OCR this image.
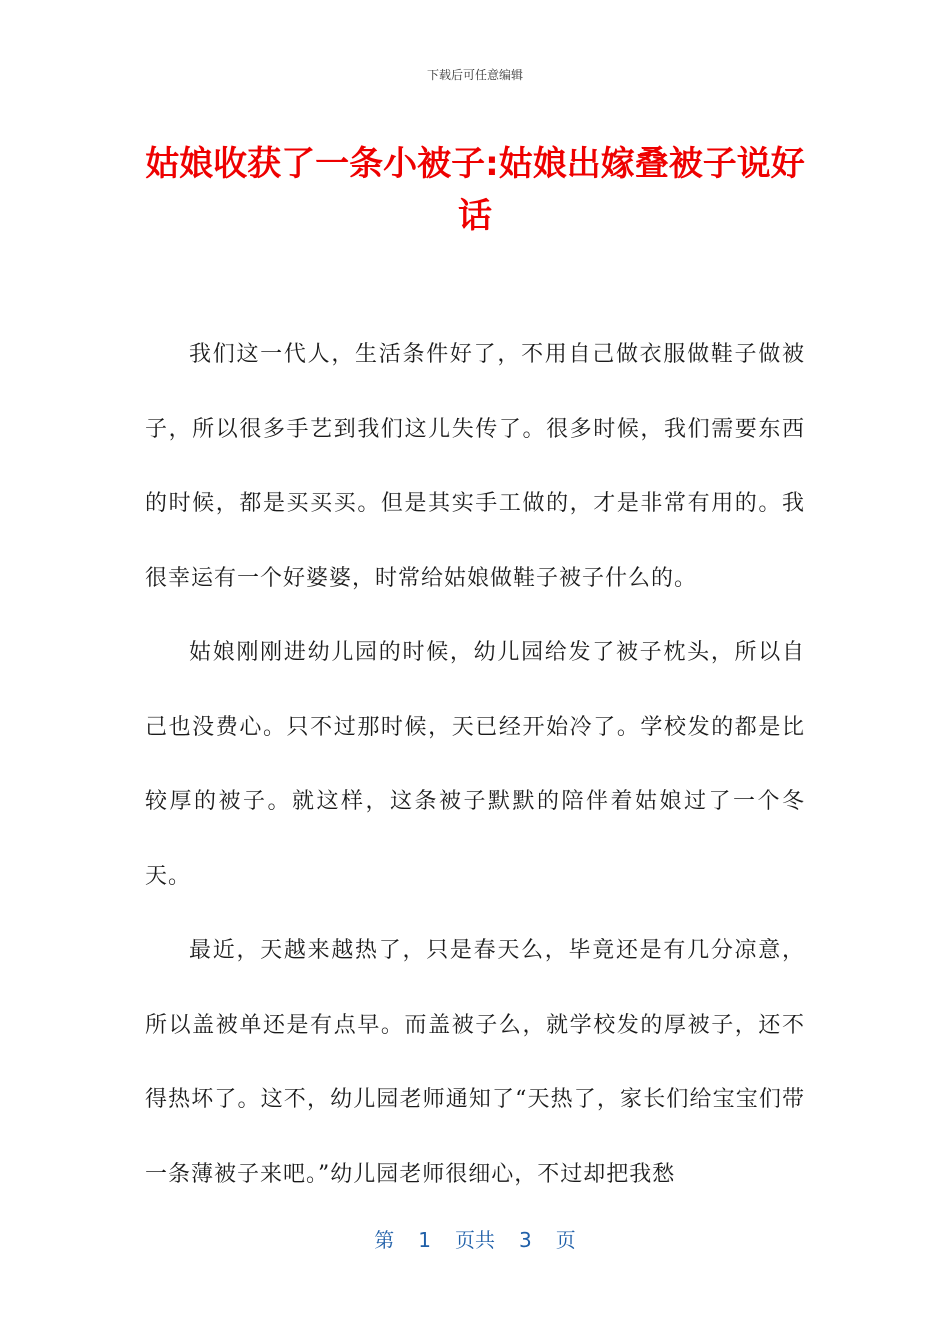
下载后可任意编辑
姑娘收获了一条小被子:姑娘出嫁叠被子说好话

我们这一代人，生活条件好了，不用自己做衣服做鞋子做被子，所以很多手艺到我们这儿失传了。很多时候，我们需要东西的时候，都是买买买。但是其实手工做的，才是非常有用的。我很幸运有一个好婆婆，时常给姑娘做鞋子被子什么的。

姑娘刚刚进幼儿园的时候，幼儿园给发了被子枕头，所以自己也没费心。只不过那时候，天已经开始冷了。学校发的都是比较厚的被子。就这样，这条被子默默的陪伴着姑娘过了一个冬天。

最近，天越来越热了，只是春天么，毕竟还是有几分凉意，所以盖被单还是有点早。而盖被子么，就学校发的厚被子，还不得热坏了。这不，幼儿园老师通知了“天热了，家长们给宝宝们带一条薄被子来吧。”幼儿园老师很细心，不过却把我愁

第 1 页共 3 页
